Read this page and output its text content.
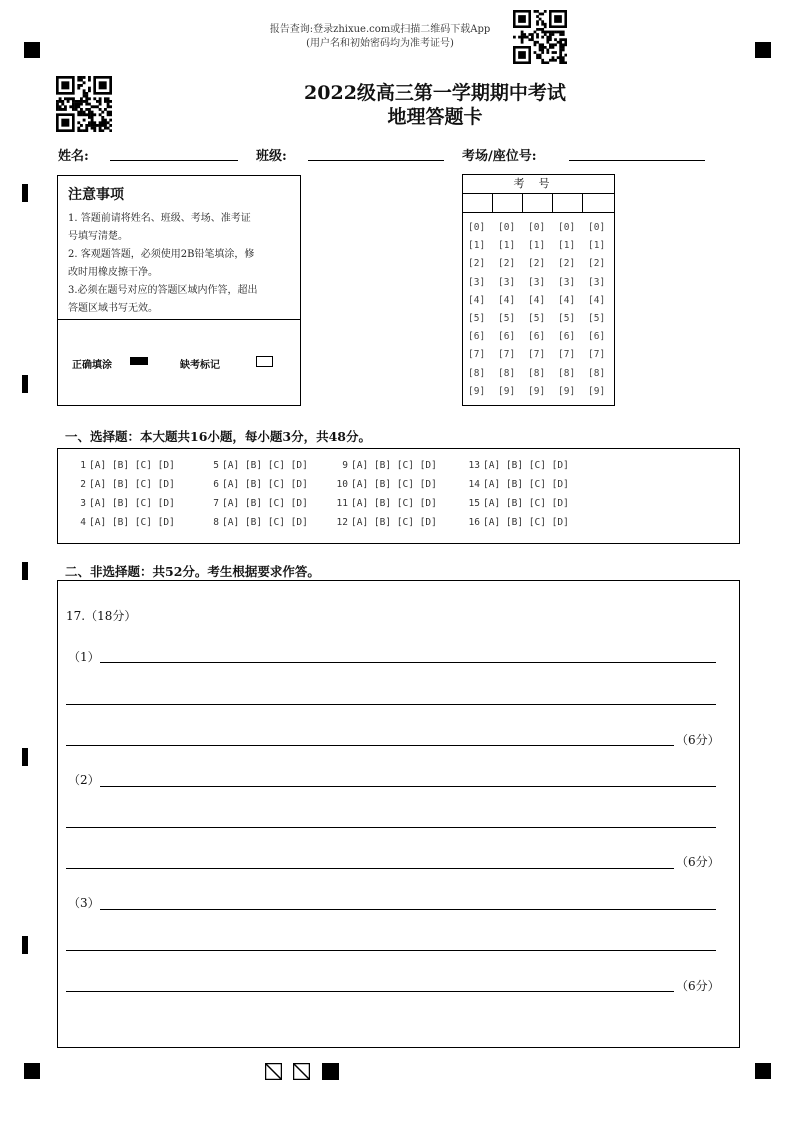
报告查询:登录zhixue.com或扫描二维码下载App
(用户名和初始密码均为准考证号)
2022级高三第一学期期中考试
地理答题卡
姓名:	班级:	考场/座位号:
注意事项
1. 答题前请将姓名、班级、考场、准考证
号填写清楚。
2. 客观题答题，必须使用2B铅笔填涂，修
改时用橡皮擦干净。
3.必须在题号对应的答题区域内作答，超出
答题区域书写无效。
正确填涂	缺考标记
考号
[0] [0] [0] [0] [0]
[1] [1] [1] [1] [1]
[2] [2] [2] [2] [2]
[3] [3] [3] [3] [3]
[4] [4] [4] [4] [4]
[5] [5] [5] [5] [5]
[6] [6] [6] [6] [6]
[7] [7] [7] [7] [7]
[8] [8] [8] [8] [8]
[9] [9] [9] [9] [9]
一、选择题：本大题共16小题，每小题3分，共48分。
1 [A] [B] [C] [D]
2 [A] [B] [C] [D]
3 [A] [B] [C] [D]
4 [A] [B] [C] [D]
5 [A] [B] [C] [D]
6 [A] [B] [C] [D]
7 [A] [B] [C] [D]
8 [A] [B] [C] [D]
9 [A] [B] [C] [D]
10 [A] [B] [C] [D]
11 [A] [B] [C] [D]
12 [A] [B] [C] [D]
13 [A] [B] [C] [D]
14 [A] [B] [C] [D]
15 [A] [B] [C] [D]
16 [A] [B] [C] [D]
二、非选择题：共52分。考生根据要求作答。
17.（18分）
（1）
（6分）
（2）
（6分）
（3）
（6分）
